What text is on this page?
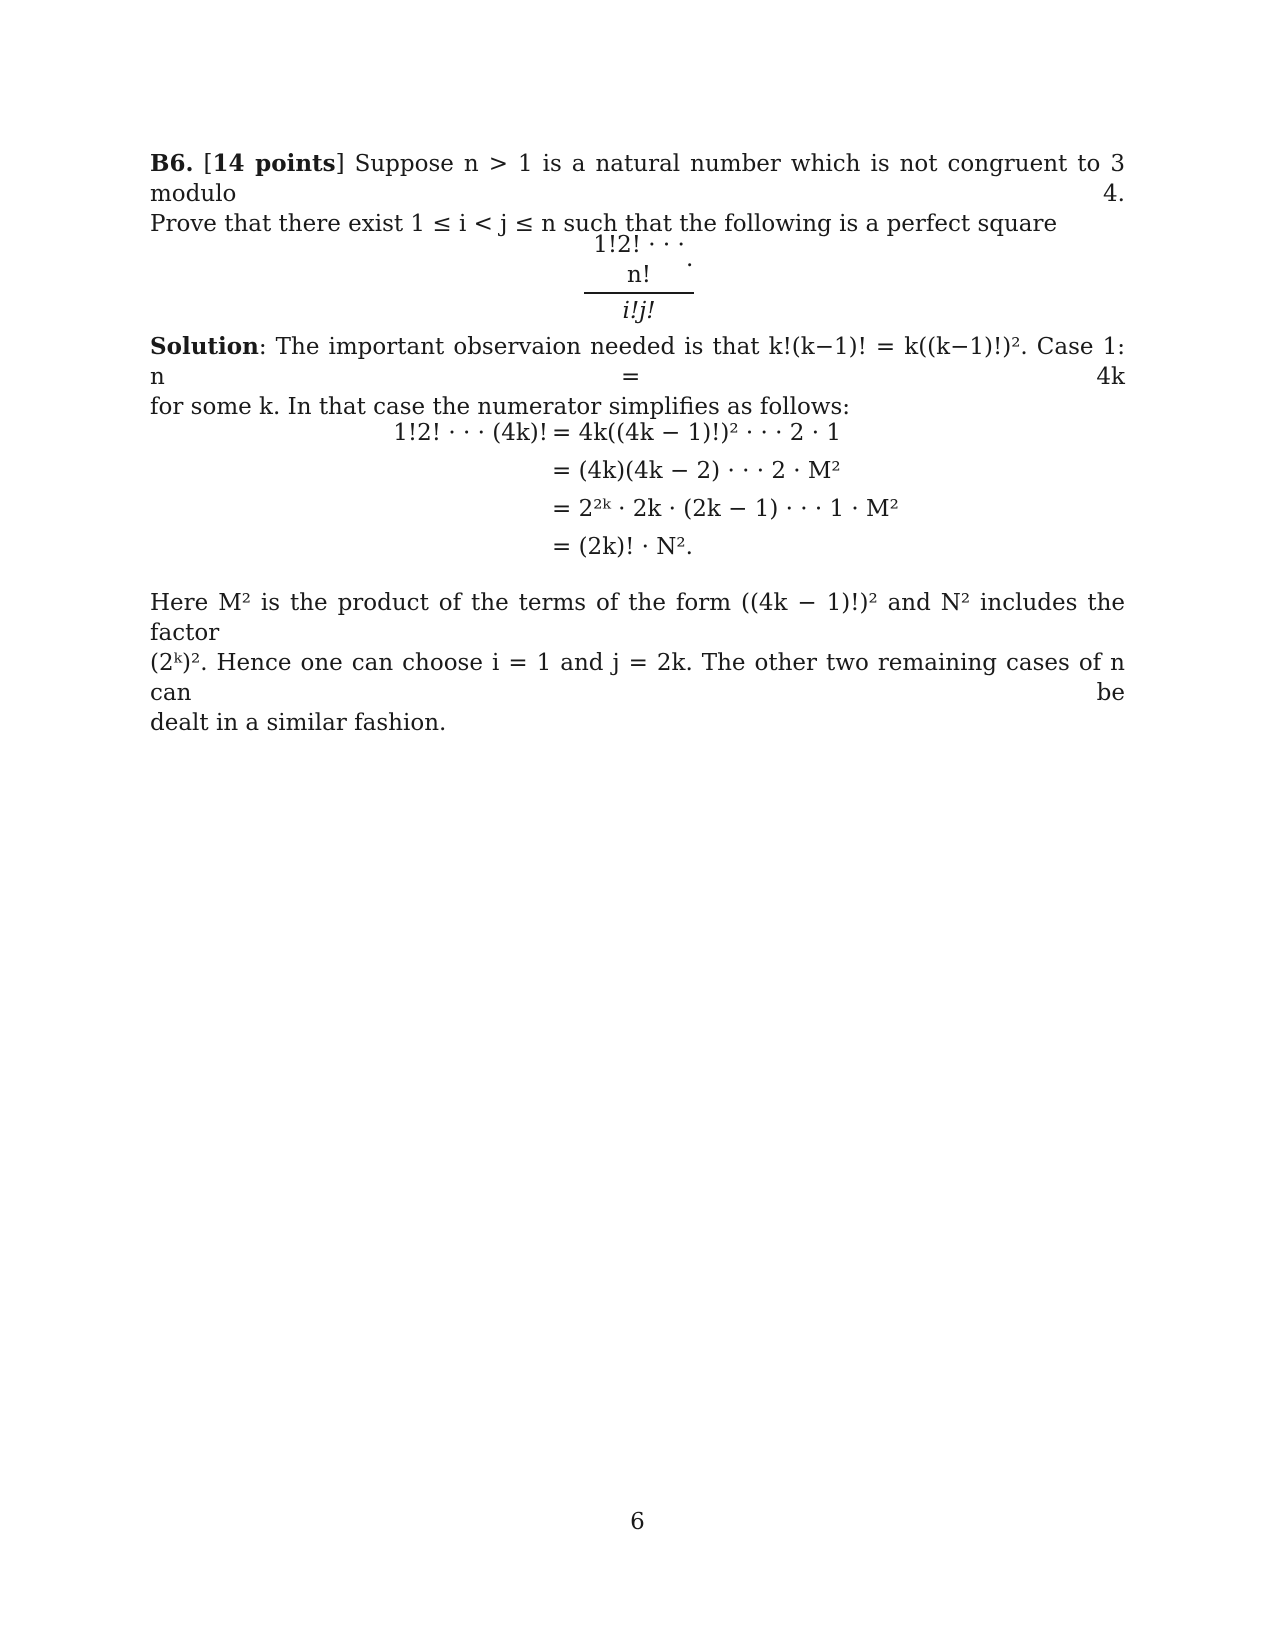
B6. [14 points] Suppose n > 1 is a natural number which is not congruent to 3 modulo 4.
Prove that there exist 1 ≤ i < j ≤ n such that the following is a perfect square
1!2! · · · n!
i!j!
.
Solution: The important observaion needed is that k!(k−1)! = k((k−1)!)². Case 1: n = 4k
for some k. In that case the numerator simplifies as follows:
1!2! · · · (4k)! = 4k((4k − 1)!)² · · · 2 · 1
= (4k)(4k − 2) · · · 2 · M²
= 2²ᵏ · 2k · (2k − 1) · · · 1 · M²
= (2k)! · N².
Here M² is the product of the terms of the form ((4k − 1)!)² and N² includes the factor
(2ᵏ)². Hence one can choose i = 1 and j = 2k. The other two remaining cases of n can be
dealt in a similar fashion.
6
